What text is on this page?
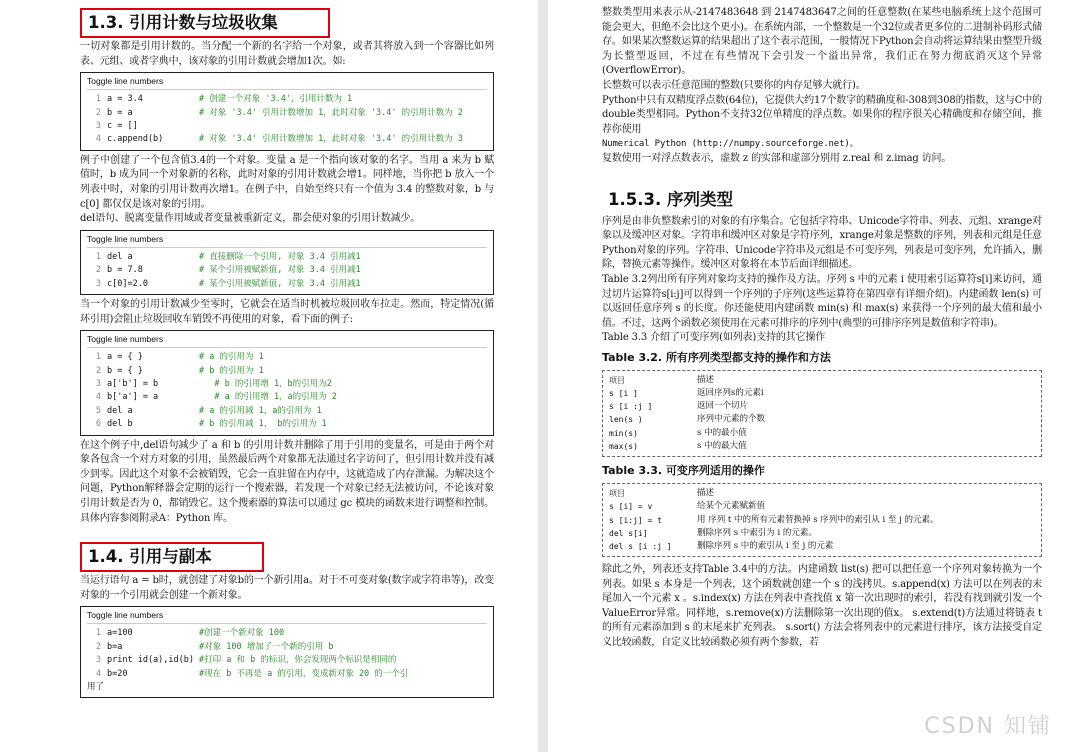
1.3. 引用计数与垃圾收集

一切对象都是引用计数的。当分配一个新的名字给一个对象，或者其将放入到一个容器比如列表、元组、或者字典中，该对象的引用计数就会增加1次。如:

Toggle line numbers
1 a = 3.4	# 创建一个对象 '3.4'，引用计数为 1
2 b = a	# 对象 '3.4' 引用计数增加 1，此时对象 '3.4' 的引用计数为 2
3 c = []
4 c.append(b)	# 对象 '3.4' 引用计数增加 1，此时对象 '3.4' 的引用计数为 3

例子中创建了一个包含值3.4的一个对象。变量 a 是一个指向该对象的名字。当用 a 来为 b 赋值时，b 成为同一个对象新的名称，此时对象的引用计数就会增1。同样地，当你把 b 放入一个列表中时，对象的引用计数再次增1。在例子中，自始至终只有一个值为 3.4 的整数对象，b 与 c[0] 都仅仅是该对象的引用。

del语句、脱离变量作用域或者变量被重新定义，都会使对象的引用计数减少。

Toggle line numbers
1 del a	# 直接删除一个引用, 对象 3.4 引用减1
2 b = 7.8	# 某个引用被赋新值, 对象 3.4 引用减1
3 c[0]=2.0	# 某个引用被赋新值, 对象 3.4 引用减1

当一个对象的引用计数减少至零时，它就会在适当时机被垃圾回收车拉走。然而，特定情况(循环引用)会阻止垃圾回收车销毁不再使用的对象，看下面的例子:

Toggle line numbers
1 a = { }	# a 的引用为 1
2 b = { }	# b 的引用为 1
3 a['b'] = b	# b 的引用增 1，b的引用为2
4 b['a'] = a	# a 的引用增 1，a的引用为 2
5 del a	# a 的引用减 1，a的引用为 1
6 del b	# b 的引用减 1， b的引用为 1

在这个例子中,del语句减少了 a 和 b 的引用计数并删除了用于引用的变量名，可是由于两个对象各包含一个对方对象的引用，虽然最后两个对象都无法通过名字访问了，但引用计数并没有减少到零。因此这个对象不会被销毁，它会一直驻留在内存中，这就造成了内存泄漏。为解决这个问题，Python解释器会定期的运行一个搜索器，若发现一个对象已经无法被访问，不论该对象引用计数是否为 0，都销毁它。这个搜索器的算法可以通过 gc 模块的函数来进行调整和控制。具体内容参阅附录A：Python 库。

1.4. 引用与副本

当运行语句 a = b时，就创建了对象b的一个新引用a。对于不可变对象(数字或字符串等)，改变对象的一个引用就会创建一个新对象。

Toggle line numbers
1 a=100	#创建一个新对象 100
2 b=a	#对象 100 增加了一个新的引用 b
3 print id(a),id(b) #打印 a 和 b 的标识，你会发现两个标识是相同的
4 b=20	#现在 b 不再是 a 的引用，变成新对象 20 的一个引
用了

整数类型用来表示从-2147483648 到 2147483647之间的任意整数(在某些电脑系统上这个范围可能会更大，但绝不会比这个更小)。在系统内部，一个整数是一个32位或者更多位的二进制补码形式储存。如果某次整数运算的结果超出了这个表示范围，一般情况下Python会自动将运算结果由整型升级为长整型返回，不过在有些情况下会引发一个溢出异常，我们正在努力彻底消灭这个异常(OverflowError)。

长整数可以表示任意范围的整数(只要你的内存足够大就行)。

Python中只有双精度浮点数(64位)，它提供大约17个数字的精确度和-308到308的指数，这与C中的double类型相同。Python不支持32位单精度的浮点数。如果你的程序很关心精确度和存储空间，推荐你使用

Numerical Python (http://numpy.sourceforge.net)。

复数使用一对浮点数表示，虚数 z 的实部和虚部分别用 z.real 和 z.imag 访问。

1.5.3. 序列类型

序列是由非负整数索引的对象的有序集合。它包括字符串、Unicode字符串、列表、元组、xrange对象以及缓冲区对象。字符串和缓冲区对象是字符序列，xrange对象是整数的序列，列表和元组是任意Python对象的序列。字符串、Unicode字符串及元组是不可变序列，列表是可变序列，允许插入，删除，替换元素等操作。缓冲区对象将在本节后面详细描述。

Table 3.2列出所有序列对象均支持的操作及方法。序列 s 中的元素 i 使用索引运算符s[i]来访问，通过切片运算符s[i:j]可以得到一个序列的子序列(这些运算符在第四章有详细介绍)。内建函数 len(s) 可以返回任意序列 s 的长度。你还能使用内建函数 min(s) 和 max(s) 来获得一个序列的最大值和最小值。不过，这两个函数必须使用在元素可排序的序列中(典型的可排序序列是数值和字符串)。

Table 3.3 介绍了可变序列(如列表)支持的其它操作

Table 3.2. 所有序列类型都支持的操作和方法
项目	描述
s [i ]	返回序列s的元素i
s [i :j ]	返回一个切片
len(s )	序列中元素的个数
min(s)	s 中的最小值
max(s)	s 中的最大值
Table 3.3. 可变序列适用的操作
项目	描述
s [i] = v	给某个元素赋新值
s [i:j] = t	用 序列 t 中的所有元素替换掉 s 序列中的索引从 i 至 j 的元素。
del s[i]	删除序列 s 中索引为 i 的元素。
del s [i :j ]	删除序列 s 中的索引从 i 至 j 的元素

除此之外，列表还支持Table 3.4中的方法。内建函数 list(s) 把可以把任意一个序列对象转换为一个列表。如果 s 本身是一个列表，这个函数就创建一个 s 的浅拷贝。s.append(x) 方法可以在列表的末尾加入一个元素 x 。s.index(x) 方法在列表中查找值 x 第一次出现时的索引，若没有找到就引发一个ValueError异常。同样地，s.remove(x)方法删除第一次出现的值x。 s.extend(t)方法通过将链表 t 的所有元素添加到 s 的末尾来扩充列表。 s.sort() 方法会将列表中的元素进行排序，该方法接受自定义比较函数，自定义比较函数必须有两个参数，若

CSDN 知铺
